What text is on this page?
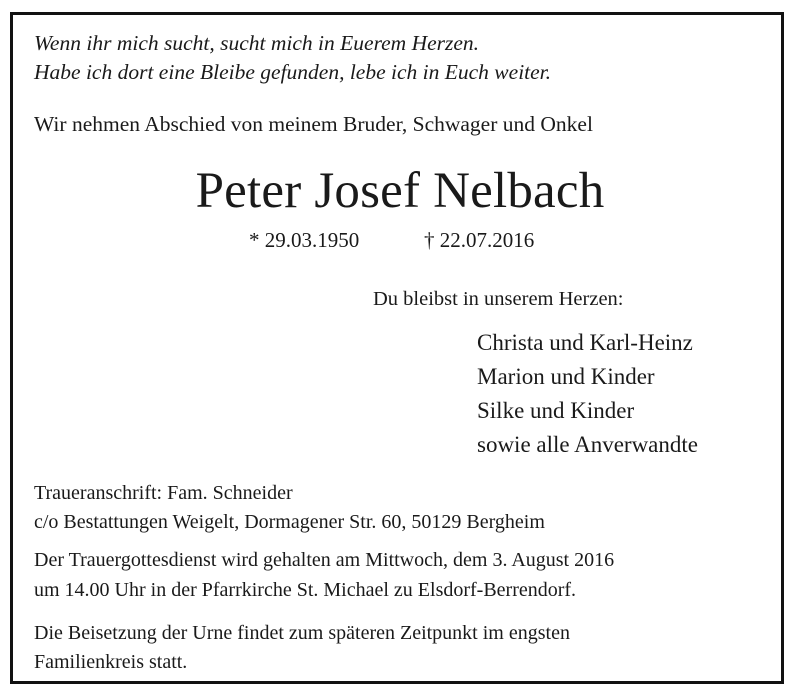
Wenn ihr mich sucht, sucht mich in Euerem Herzen.
Habe ich dort eine Bleibe gefunden, lebe ich in Euch weiter.
Wir nehmen Abschied von meinem Bruder, Schwager und Onkel
Peter Josef Nelbach
* 29.03.1950	† 22.07.2016
Du bleibst in unserem Herzen:
Christa und Karl-Heinz
Marion und Kinder
Silke und Kinder
sowie alle Anverwandte
Traueranschrift: Fam. Schneider
c/o Bestattungen Weigelt, Dormagener Str. 60, 50129 Bergheim
Der Trauergottesdienst wird gehalten am Mittwoch, dem 3. August 2016
um 14.00 Uhr in der Pfarrkirche St. Michael zu Elsdorf-Berrendorf.
Die Beisetzung der Urne findet zum späteren Zeitpunkt im engsten
Familienkreis statt.
